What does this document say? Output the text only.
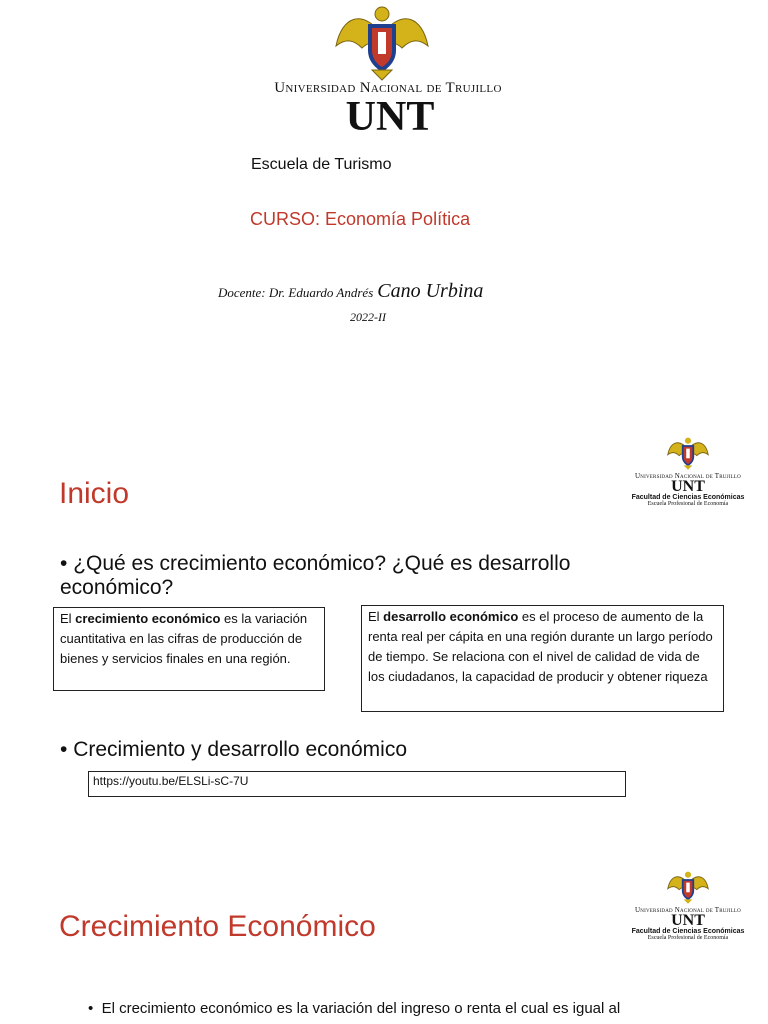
Universidad Nacional de Trujillo
UNT
Escuela de Turismo
CURSO: Economía Política
Docente: Dr. Eduardo Andrés Cano Urbina
2022-II
Universidad Nacional de Trujillo
UNT
Facultad de Ciencias Económicas
Escuela Profesional de Economía
Inicio
• ¿Qué es crecimiento económico? ¿Qué es desarrollo económico?
El crecimiento económico es la variación cuantitativa en las cifras de producción de bienes y servicios finales en una región.
El desarrollo económico es el proceso de aumento de la renta real per cápita en una región durante un largo período de tiempo. Se relaciona con el nivel de calidad de vida de los ciudadanos, la capacidad de producir y obtener riqueza
• Crecimiento y desarrollo económico
https://youtu.be/ELSLi-sC-7U
Universidad Nacional de Trujillo
UNT
Facultad de Ciencias Económicas
Escuela Profesional de Economía
Crecimiento Económico
•  El crecimiento económico es la variación del ingreso o renta el cual es igual al
